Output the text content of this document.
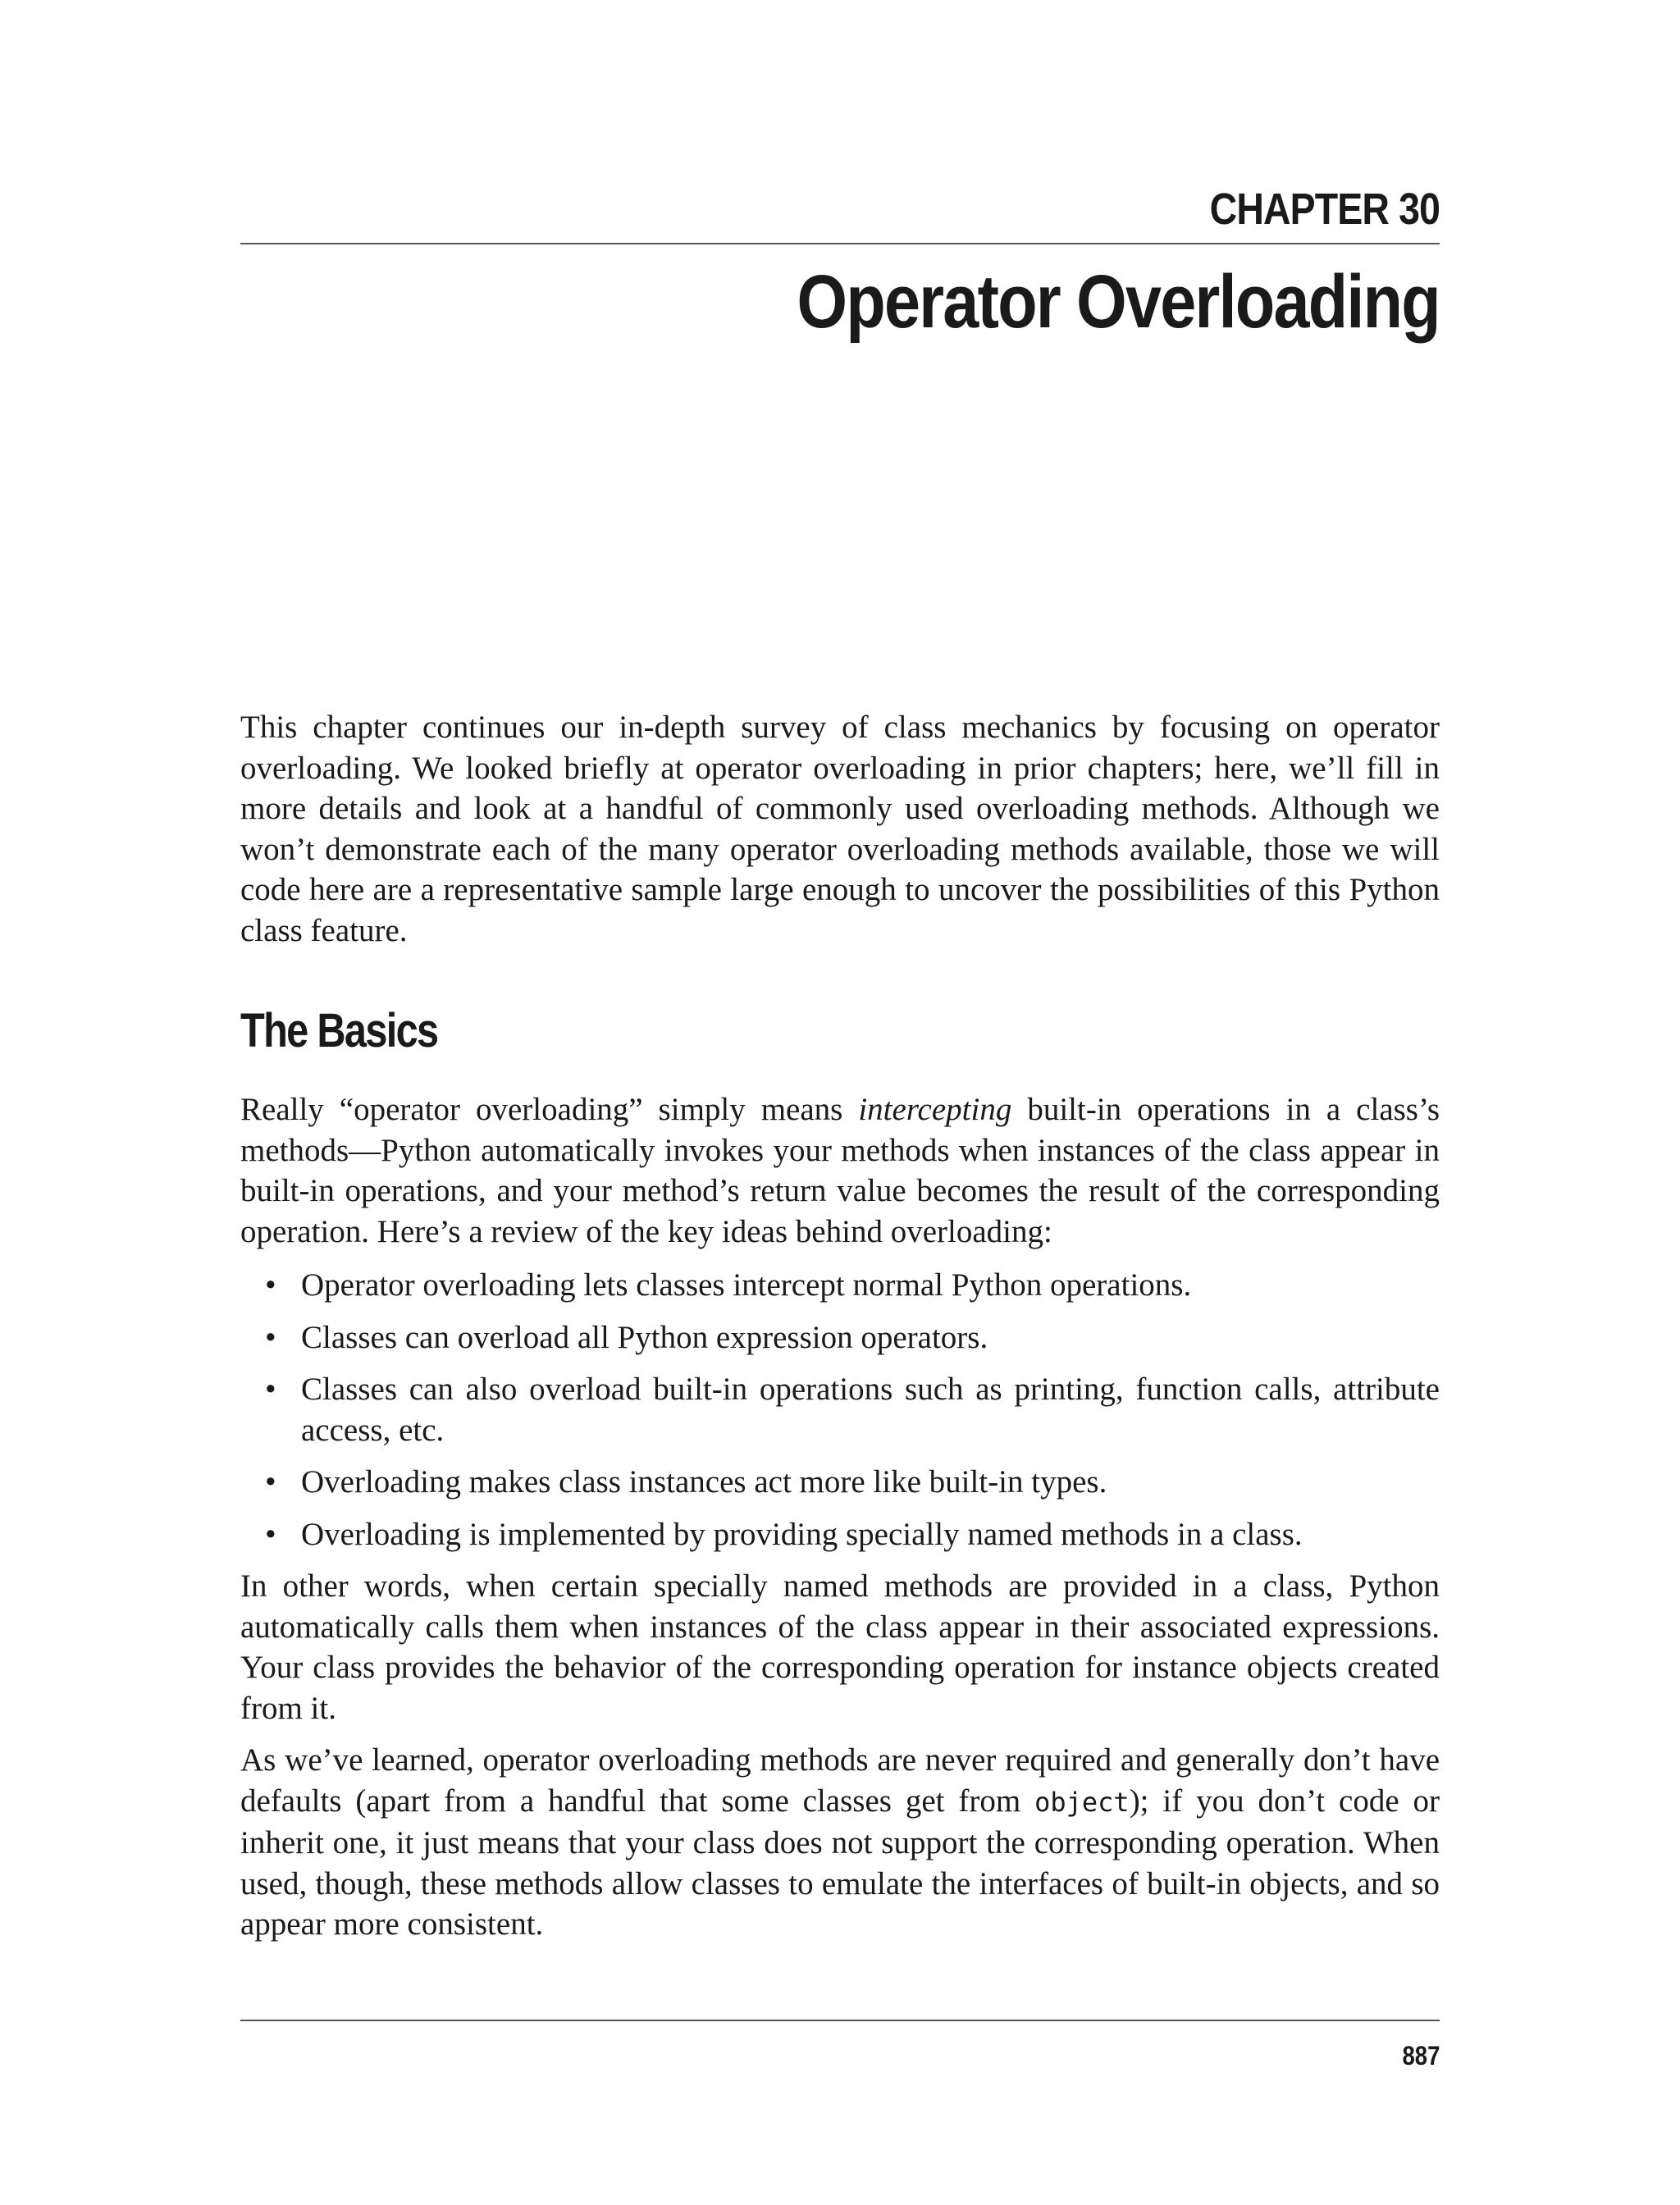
CHAPTER 30
Operator Overloading

This chapter continues our in-depth survey of class mechanics by focusing on operator overloading. We looked briefly at operator overloading in prior chapters; here, we’ll fill in more details and look at a handful of commonly used overloading methods. Although we won’t demonstrate each of the many operator overloading methods available, those we will code here are a representative sample large enough to uncover the possibilities of this Python class feature.

The Basics

Really “operator overloading” simply means intercepting built-in operations in a class’s methods—Python automatically invokes your methods when instances of the class appear in built-in operations, and your method’s return value becomes the result of the corresponding operation. Here’s a review of the key ideas behind overloading:

• Operator overloading lets classes intercept normal Python operations.
• Classes can overload all Python expression operators.
• Classes can also overload built-in operations such as printing, function calls, attribute access, etc.
• Overloading makes class instances act more like built-in types.
• Overloading is implemented by providing specially named methods in a class.

In other words, when certain specially named methods are provided in a class, Python automatically calls them when instances of the class appear in their associated expressions. Your class provides the behavior of the corresponding operation for instance objects created from it.

As we’ve learned, operator overloading methods are never required and generally don’t have defaults (apart from a handful that some classes get from object); if you don’t code or inherit one, it just means that your class does not support the corresponding operation. When used, though, these methods allow classes to emulate the interfaces of built-in objects, and so appear more consistent.

887
